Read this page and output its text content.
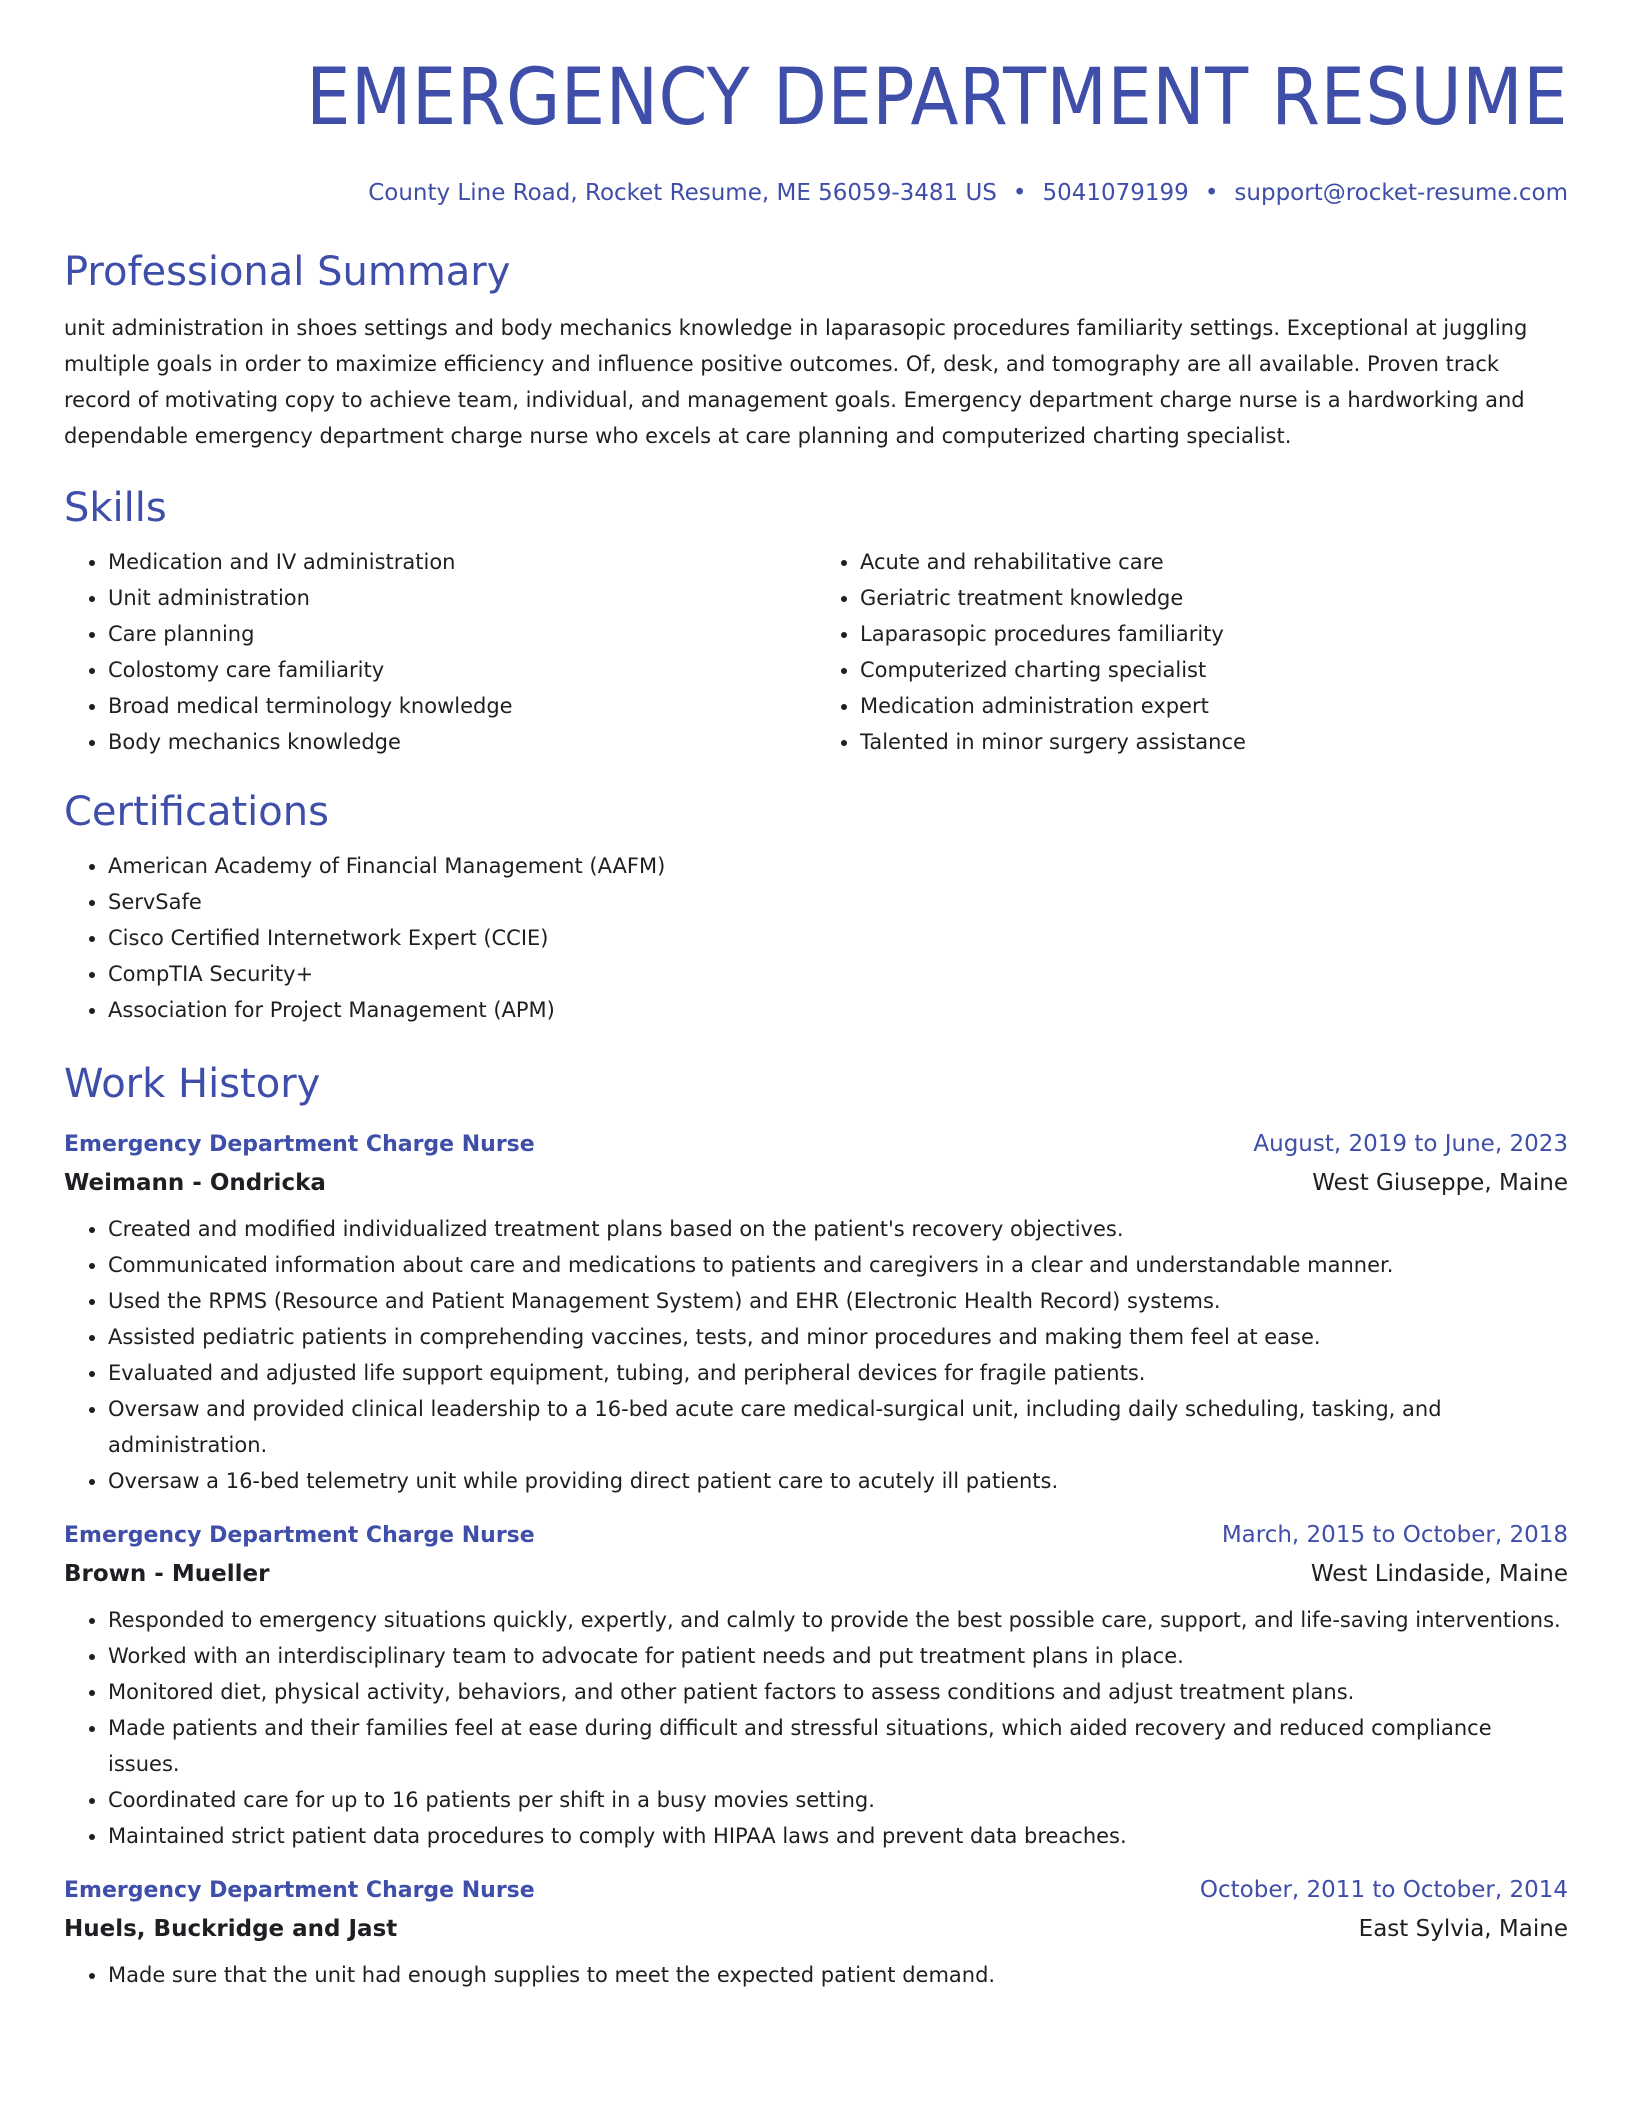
EMERGENCY DEPARTMENT RESUME
County Line Road, Rocket Resume, ME 56059-3481 US • 5041079199 • support@rocket-resume.com
Professional Summary

unit administration in shoes settings and body mechanics knowledge in laparasopic procedures familiarity settings. Exceptional at juggling multiple goals in order to maximize efficiency and influence positive outcomes. Of, desk, and tomography are all available. Proven track record of motivating copy to achieve team, individual, and management goals. Emergency department charge nurse is a hardworking and dependable emergency department charge nurse who excels at care planning and computerized charting specialist.

Skills
• Medication and IV administration
• Unit administration
• Care planning
• Colostomy care familiarity
• Broad medical terminology knowledge
• Body mechanics knowledge
• Acute and rehabilitative care
• Geriatric treatment knowledge
• Laparasopic procedures familiarity
• Computerized charting specialist
• Medication administration expert
• Talented in minor surgery assistance
Certifications
• American Academy of Financial Management (AAFM)
• ServSafe
• Cisco Certified Internetwork Expert (CCIE)
• CompTIA Security+
• Association for Project Management (APM)
Work History
Emergency Department Charge Nurse	August, 2019 to June, 2023
Weimann - Ondricka	West Giuseppe, Maine
• Created and modified individualized treatment plans based on the patient's recovery objectives.
• Communicated information about care and medications to patients and caregivers in a clear and understandable manner.
• Used the RPMS (Resource and Patient Management System) and EHR (Electronic Health Record) systems.
• Assisted pediatric patients in comprehending vaccines, tests, and minor procedures and making them feel at ease.
• Evaluated and adjusted life support equipment, tubing, and peripheral devices for fragile patients.
• Oversaw and provided clinical leadership to a 16-bed acute care medical-surgical unit, including daily scheduling, tasking, and administration.
• Oversaw a 16-bed telemetry unit while providing direct patient care to acutely ill patients.
Emergency Department Charge Nurse	March, 2015 to October, 2018
Brown - Mueller	West Lindaside, Maine
• Responded to emergency situations quickly, expertly, and calmly to provide the best possible care, support, and life-saving interventions.
• Worked with an interdisciplinary team to advocate for patient needs and put treatment plans in place.
• Monitored diet, physical activity, behaviors, and other patient factors to assess conditions and adjust treatment plans.
• Made patients and their families feel at ease during difficult and stressful situations, which aided recovery and reduced compliance issues.
• Coordinated care for up to 16 patients per shift in a busy movies setting.
• Maintained strict patient data procedures to comply with HIPAA laws and prevent data breaches.
Emergency Department Charge Nurse	October, 2011 to October, 2014
Huels, Buckridge and Jast	East Sylvia, Maine
• Made sure that the unit had enough supplies to meet the expected patient demand.
